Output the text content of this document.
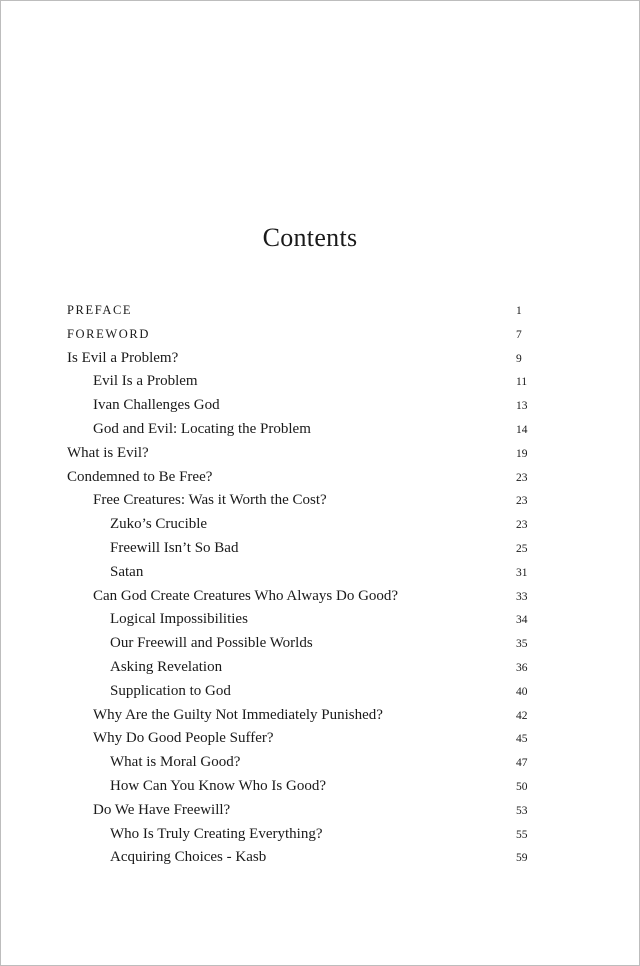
Contents
PREFACE	1
FOREWORD	7
Is Evil a Problem?	9
Evil Is a Problem	11
Ivan Challenges God	13
God and Evil: Locating the Problem	14
What is Evil?	19
Condemned to Be Free?	23
Free Creatures: Was it Worth the Cost?	23
Zuko’s Crucible	23
Freewill Isn’t So Bad	25
Satan	31
Can God Create Creatures Who Always Do Good?	33
Logical Impossibilities	34
Our Freewill and Possible Worlds	35
Asking Revelation	36
Supplication to God	40
Why Are the Guilty Not Immediately Punished?	42
Why Do Good People Suffer?	45
What is Moral Good?	47
How Can You Know Who Is Good?	50
Do We Have Freewill?	53
Who Is Truly Creating Everything?	55
Acquiring Choices - Kasb	59
